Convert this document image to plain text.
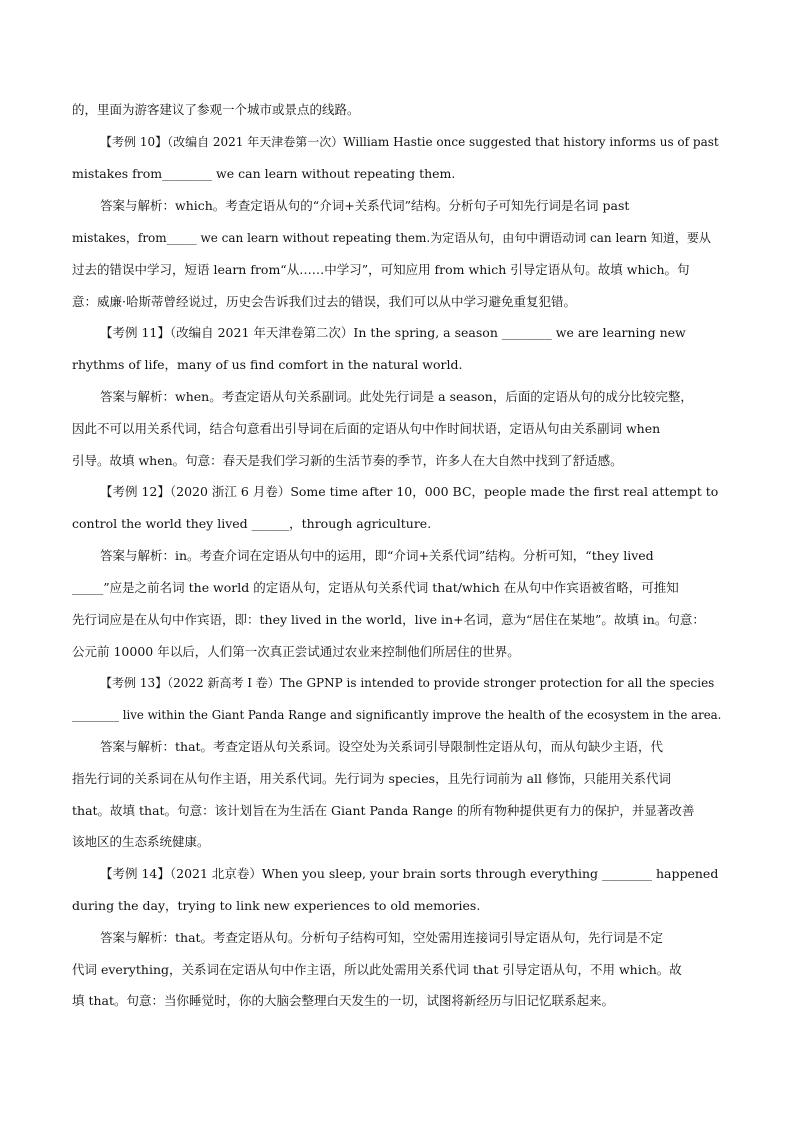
的，里面为游客建议了参观一个城市或景点的线路。
【考例 10】（改编自 2021 年天津卷第一次）William Hastie once suggested that history informs us of past
mistakes from________ we can learn without repeating them.
答案与解析：which。考查定语从句的“介词+关系代词”结构。分析句子可知先行词是名词 past
mistakes，from_____ we can learn without repeating them.为定语从句，由句中谓语动词 can learn 知道，要从
过去的错误中学习，短语 learn from“从……中学习”，可知应用 from which 引导定语从句。故填 which。句
意：威廉·哈斯蒂曾经说过，历史会告诉我们过去的错误，我们可以从中学习避免重复犯错。
【考例 11】（改编自 2021 年天津卷第二次）In the spring, a season ________ we are learning new
rhythms of life，many of us find comfort in the natural world.
答案与解析：when。考查定语从句关系副词。此处先行词是 a season，后面的定语从句的成分比较完整，
因此不可以用关系代词，结合句意看出引导词在后面的定语从句中作时间状语，定语从句由关系副词 when
引导。故填 when。句意：春天是我们学习新的生活节奏的季节，许多人在大自然中找到了舒适感。
【考例 12】（2020 浙江 6 月卷）Some time after 10，000 BC，people made the first real attempt to
control the world they lived ______，through agriculture.
答案与解析：in。考查介词在定语从句中的运用，即“介词+关系代词”结构。分析可知，“they lived
_____”应是之前名词 the world 的定语从句，定语从句关系代词 that/which 在从句中作宾语被省略，可推知
先行词应是在从句中作宾语，即：they lived in the world，live in+名词，意为“居住在某地”。故填 in。句意：
公元前 10000 年以后，人们第一次真正尝试通过农业来控制他们所居住的世界。
【考例 13】（2022 新高考 I 卷）The GPNP is intended to provide stronger protection for all the species
________ live within the Giant Panda Range and significantly improve the health of the ecosystem in the area.
答案与解析：that。考查定语从句关系词。设空处为关系词引导限制性定语从句，而从句缺少主语，代
指先行词的关系词在从句作主语，用关系代词。先行词为 species，且先行词前为 all 修饰，只能用关系代词
that。故填 that。句意：该计划旨在为生活在 Giant Panda Range 的所有物种提供更有力的保护，并显著改善
该地区的生态系统健康。
【考例 14】（2021 北京卷）When you sleep, your brain sorts through everything ________ happened
during the day，trying to link new experiences to old memories.
答案与解析：that。考查定语从句。分析句子结构可知，空处需用连接词引导定语从句，先行词是不定
代词 everything，关系词在定语从句中作主语，所以此处需用关系代词 that 引导定语从句，不用 which。故
填 that。句意：当你睡觉时，你的大脑会整理白天发生的一切，试图将新经历与旧记忆联系起来。
